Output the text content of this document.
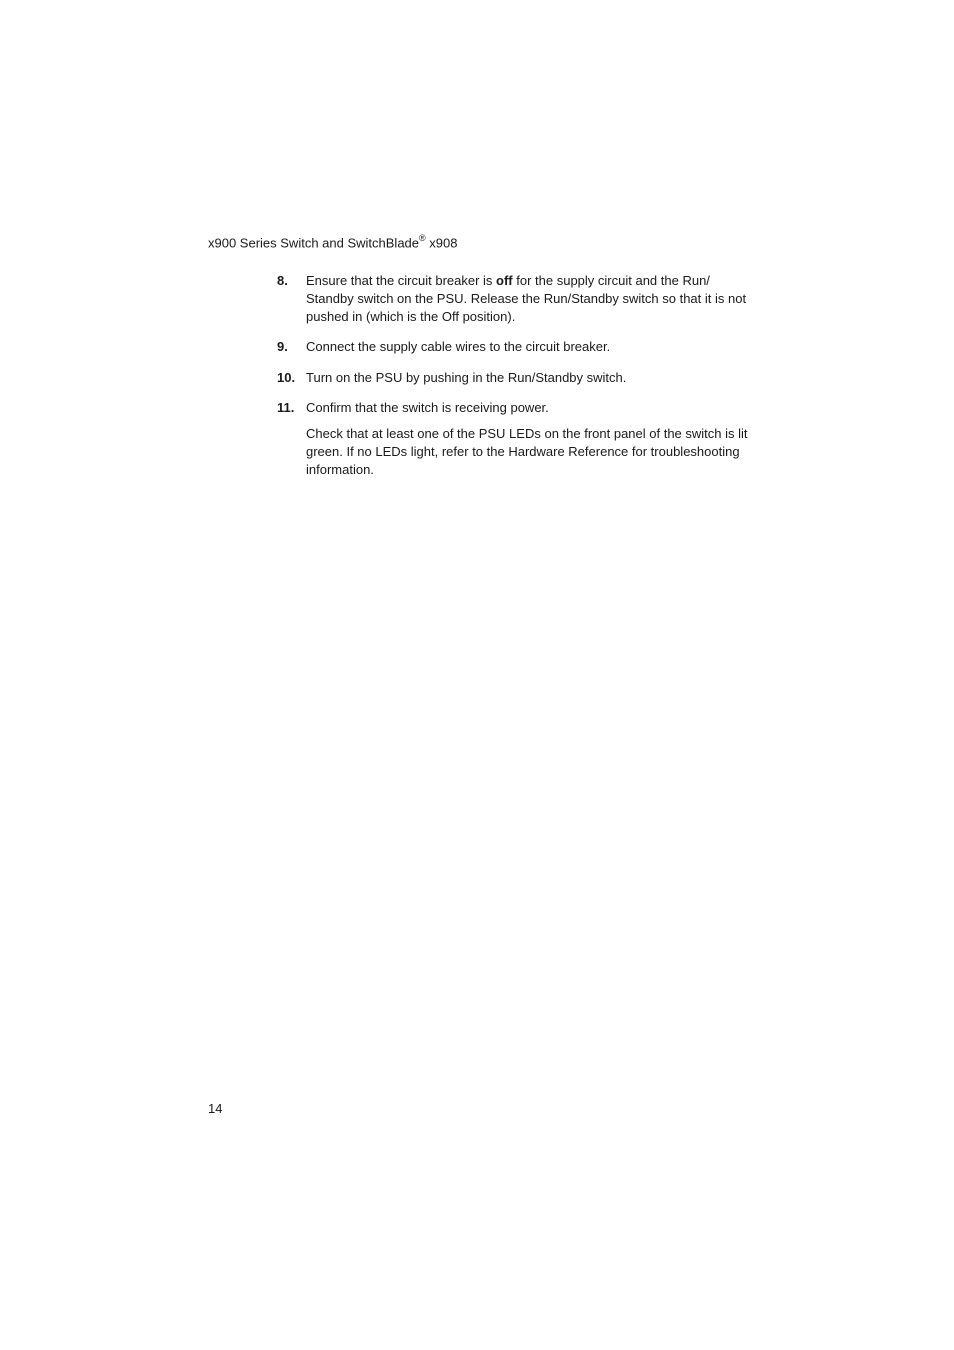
x900 Series Switch and SwitchBlade® x908
8. Ensure that the circuit breaker is off for the supply circuit and the Run/ Standby switch on the PSU. Release the Run/Standby switch so that it is not pushed in (which is the Off position).
9. Connect the supply cable wires to the circuit breaker.
10. Turn on the PSU by pushing in the Run/Standby switch.
11. Confirm that the switch is receiving power.
Check that at least one of the PSU LEDs on the front panel of the switch is lit green. If no LEDs light, refer to the Hardware Reference for troubleshooting information.
14
